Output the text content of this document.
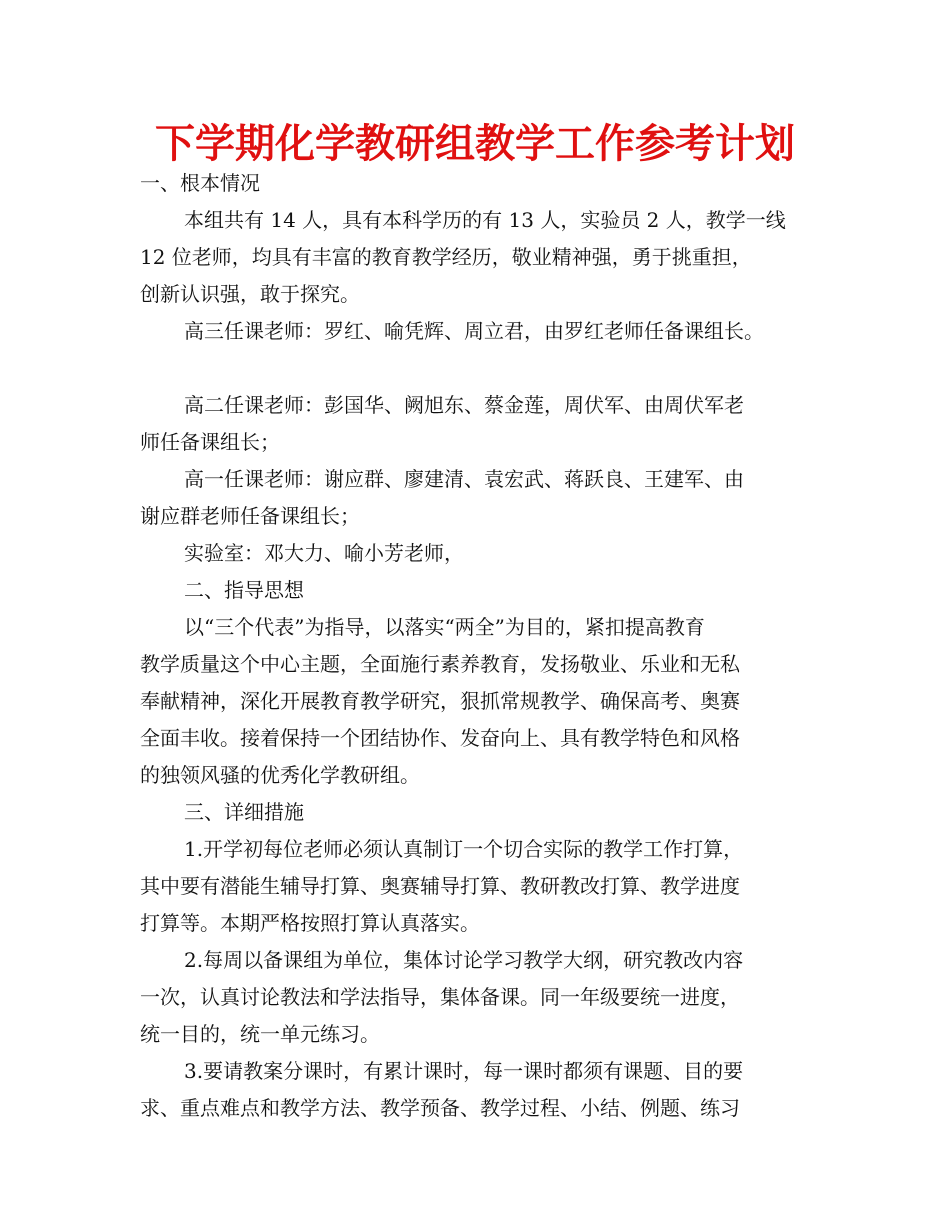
下学期化学教研组教学工作参考计划
一、根本情况
本组共有 14 人，具有本科学历的有 13 人，实验员 2 人，教学一线
12 位老师，均具有丰富的教育教学经历，敬业精神强，勇于挑重担，
创新认识强，敢于探究。
高三任课老师：罗红、喻凭辉、周立君，由罗红老师任备课组长。
高二任课老师：彭国华、阙旭东、蔡金莲，周伏军、由周伏军老
师任备课组长；
高一任课老师：谢应群、廖建清、袁宏武、蒋跃良、王建军、由
谢应群老师任备课组长；
实验室：邓大力、喻小芳老师，
二、指导思想
以“三个代表”为指导，以落实“两全”为目的，紧扣提高教育
教学质量这个中心主题，全面施行素养教育，发扬敬业、乐业和无私
奉献精神，深化开展教育教学研究，狠抓常规教学、确保高考、奥赛
全面丰收。接着保持一个团结协作、发奋向上、具有教学特色和风格
的独领风骚的优秀化学教研组。
三、详细措施
1.开学初每位老师必须认真制订一个切合实际的教学工作打算，
其中要有潜能生辅导打算、奥赛辅导打算、教研教改打算、教学进度
打算等。本期严格按照打算认真落实。
2.每周以备课组为单位，集体讨论学习教学大纲，研究教改内容
一次，认真讨论教法和学法指导，集体备课。同一年级要统一进度，
统一目的，统一单元练习。
3.要请教案分课时，有累计课时，每一课时都须有课题、目的要
求、重点难点和教学方法、教学预备、教学过程、小结、例题、练习
